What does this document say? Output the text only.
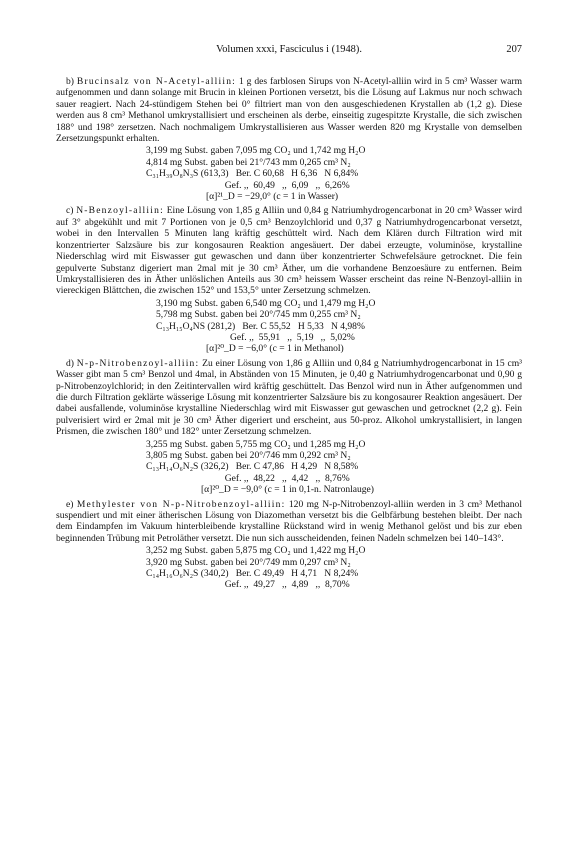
Volumen xxxi, Fasciculus i (1948).	207

b) Brucinsalz von N-Acetyl-alliin: 1 g des farblosen Sirups von N-Acetyl-alliin wird in 5 cm³ Wasser warm aufgenommen und dann solange mit Brucin in kleinen Portionen versetzt, bis die Lösung auf Lakmus nur noch schwach sauer reagiert. Nach 24-stündigem Stehen bei 0° filtriert man von den ausgeschiedenen Krystallen ab (1,2 g). Diese werden aus 8 cm³ Methanol umkrystallisiert und erscheinen als derbe, einseitig zugespitzte Krystalle, die sich zwischen 188° und 198° zersetzen. Nach nochmaligem Umkrystallisieren aus Wasser werden 820 mg Krystalle von demselben Zersetzungspunkt erhalten.

3,199 mg Subst. gaben 7,095 mg CO₂ und 1,742 mg H₂O
4,814 mg Subst. gaben bei 21°/743 mm 0,265 cm³ N₂
C₃₁H₃₉O₈N₃S (613,3)   Ber. C 60,68   H 6,36   N 6,84%
Gef. ,,  60,49   ,,  6,09   ,,  6,26%
[α]²¹_D = −29,0° (c = 1 in Wasser)

c) N-Benzoyl-alliin: Eine Lösung von 1,85 g Alliin und 0,84 g Natriumhydrogencarbonat in 20 cm³ Wasser wird auf 3° abgekühlt und mit 7 Portionen von je 0,5 cm³ Benzoylchlorid und 0,37 g Natriumhydrogencarbonat versetzt, wobei in den Intervallen 5 Minuten lang kräftig geschüttelt wird. Nach dem Klären durch Filtration wird mit konzentrierter Salzsäure bis zur kongosauren Reaktion angesäuert. Der dabei erzeugte, voluminöse, krystalline Niederschlag wird mit Eiswasser gut gewaschen und dann über konzentrierter Schwefelsäure getrocknet. Die fein gepulverte Substanz digeriert man 2mal mit je 30 cm³ Äther, um die vorhandene Benzoesäure zu entfernen. Beim Umkrystallisieren des in Äther unlöslichen Anteils aus 30 cm³ heissem Wasser erscheint das reine N-Benzoyl-alliin in viereckigen Blättchen, die zwischen 152° und 153,5° unter Zersetzung schmelzen.

3,190 mg Subst. gaben 6,540 mg CO₂ und 1,479 mg H₂O
5,798 mg Subst. gaben bei 20°/745 mm 0,255 cm³ N₂
C₁₃H₁₅O₄NS (281,2)   Ber. C 55,52   H 5,33   N 4,98%
Gef. ,,  55,91   ,,  5,19   ,,  5,02%
[α]²⁰_D = −6,0° (c = 1 in Methanol)

d) N-p-Nitrobenzoyl-alliin: Zu einer Lösung von 1,86 g Alliin und 0,84 g Natriumhydrogencarbonat in 15 cm³ Wasser gibt man 5 cm³ Benzol und 4mal, in Abständen von 15 Minuten, je 0,40 g Natriumhydrogencarbonat und 0,90 g p-Nitrobenzoylchlorid; in den Zeitintervallen wird kräftig geschüttelt. Das Benzol wird nun in Äther aufgenommen und die durch Filtration geklärte wässerige Lösung mit konzentrierter Salzsäure bis zu kongosaurer Reaktion angesäuert. Der dabei ausfallende, voluminöse krystalline Niederschlag wird mit Eiswasser gut gewaschen und getrocknet (2,2 g). Fein pulverisiert wird er 2mal mit je 30 cm³ Äther digeriert und erscheint, aus 50-proz. Alkohol umkrystallisiert, in langen Prismen, die zwischen 180° und 182° unter Zersetzung schmelzen.

3,255 mg Subst. gaben 5,755 mg CO₂ und 1,285 mg H₂O
3,805 mg Subst. gaben bei 20°/746 mm 0,292 cm³ N₂
C₁₃H₁₄O₆N₂S (326,2)   Ber. C 47,86   H 4,29   N 8,58%
Gef. ,,  48,22   ,,  4,42   ,,  8,76%
[α]²⁰_D = −9,0° (c = 1 in 0,1-n. Natronlauge)

e) Methylester von N-p-Nitrobenzoyl-alliin: 120 mg N-p-Nitrobenzoyl-alliin werden in 3 cm³ Methanol suspendiert und mit einer ätherischen Lösung von Diazomethan versetzt bis die Gelbfärbung bestehen bleibt. Der nach dem Eindampfen im Vakuum hinterbleibende krystalline Rückstand wird in wenig Methanol gelöst und bis zur eben beginnenden Trübung mit Petroläther versetzt. Die nun sich ausscheidenden, feinen Nadeln schmelzen bei 140–143°.

3,252 mg Subst. gaben 5,875 mg CO₂ und 1,422 mg H₂O
3,920 mg Subst. gaben bei 20°/749 mm 0,297 cm³ N₂
C₁₄H₁₆O₆N₂S (340,2)   Ber. C 49,49   H 4,71   N 8,24%
Gef. ,,  49,27   ,,  4,89   ,,  8,70%
